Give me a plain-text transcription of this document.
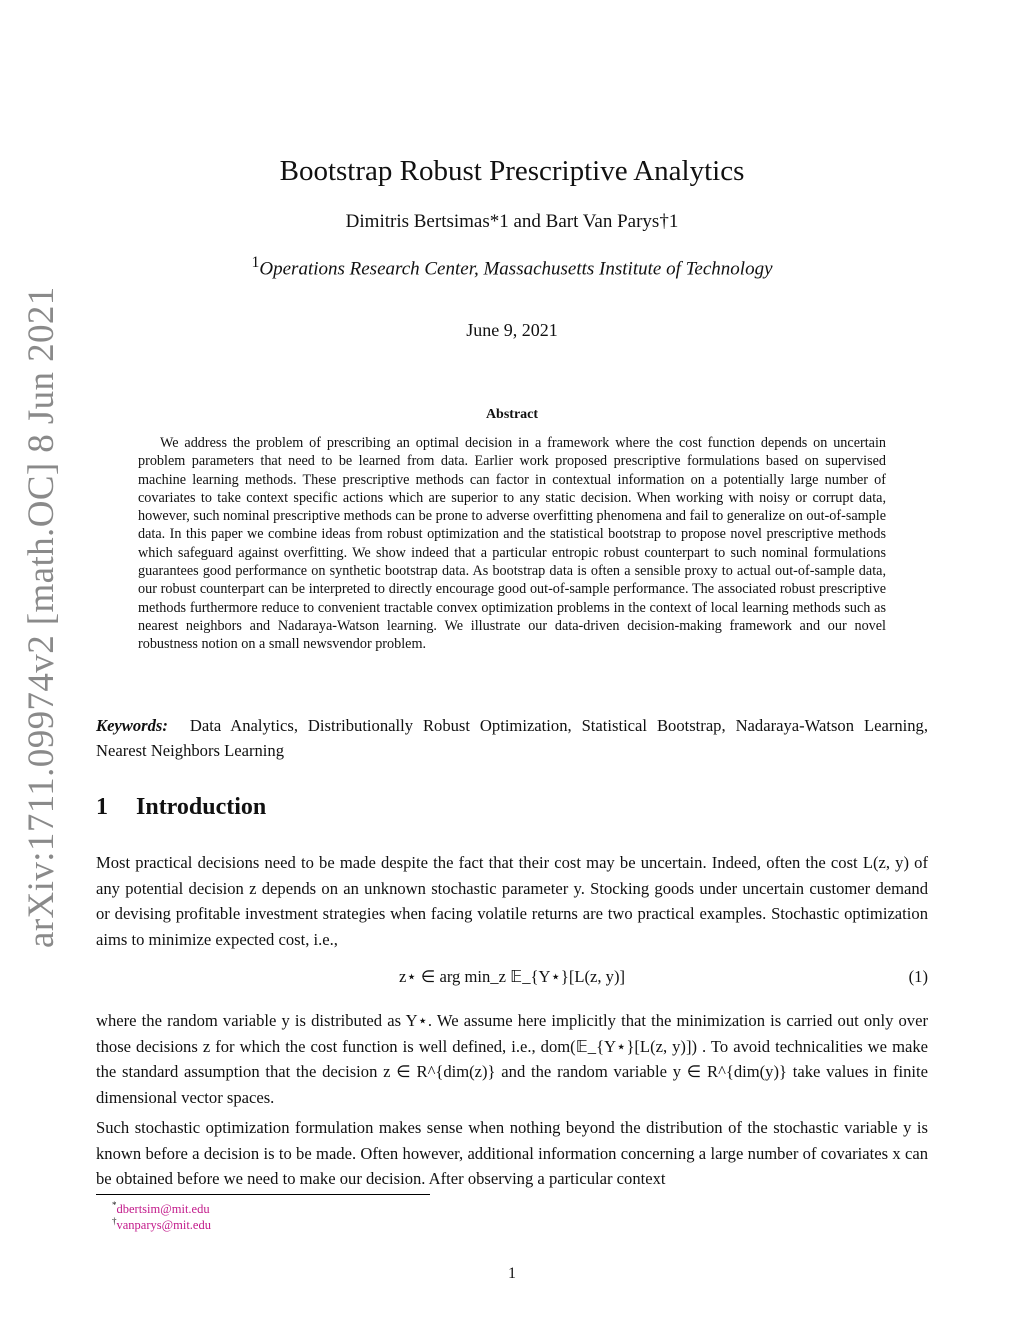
arXiv:1711.09974v2 [math.OC] 8 Jun 2021
Bootstrap Robust Prescriptive Analytics
Dimitris Bertsimas*1 and Bart Van Parys†1
$^1$Operations Research Center, Massachusetts Institute of Technology
June 9, 2021
Abstract
We address the problem of prescribing an optimal decision in a framework where the cost function depends on uncertain problem parameters that need to be learned from data. Earlier work proposed prescriptive formulations based on supervised machine learning methods. These prescriptive methods can factor in contextual information on a potentially large number of covariates to take context specific actions which are superior to any static decision. When working with noisy or corrupt data, however, such nominal prescriptive methods can be prone to adverse overfitting phenomena and fail to generalize on out-of-sample data. In this paper we combine ideas from robust optimization and the statistical bootstrap to propose novel prescriptive methods which safeguard against overfitting. We show indeed that a particular entropic robust counterpart to such nominal formulations guarantees good performance on synthetic bootstrap data. As bootstrap data is often a sensible proxy to actual out-of-sample data, our robust counterpart can be interpreted to directly encourage good out-of-sample performance. The associated robust prescriptive methods furthermore reduce to convenient tractable convex optimization problems in the context of local learning methods such as nearest neighbors and Nadaraya-Watson learning. We illustrate our data-driven decision-making framework and our novel robustness notion on a small newsvendor problem.
Keywords: Data Analytics, Distributionally Robust Optimization, Statistical Bootstrap, Nadaraya-Watson Learning, Nearest Neighbors Learning
1 Introduction
Most practical decisions need to be made despite the fact that their cost may be uncertain. Indeed, often the cost L(z, y) of any potential decision z depends on an unknown stochastic parameter y. Stocking goods under uncertain customer demand or devising profitable investment strategies when facing volatile returns are two practical examples. Stochastic optimization aims to minimize expected cost, i.e.,
z⋆ ∈ arg min_z 𝔼_{Y⋆}[L(z, y)]	(1)
where the random variable y is distributed as Y⋆. We assume here implicitly that the minimization is carried out only over those decisions z for which the cost function is well defined, i.e., dom(𝔼_{Y⋆}[L(z, y)]) . To avoid technicalities we make the standard assumption that the decision z ∈ R^{dim(z)} and the random variable y ∈ R^{dim(y)} take values in finite dimensional vector spaces.
Such stochastic optimization formulation makes sense when nothing beyond the distribution of the stochastic variable y is known before a decision is to be made. Often however, additional information concerning a large number of covariates x can be obtained before we need to make our decision. After observing a particular context
*dbertsim@mit.edu
†vanparys@mit.edu
1
